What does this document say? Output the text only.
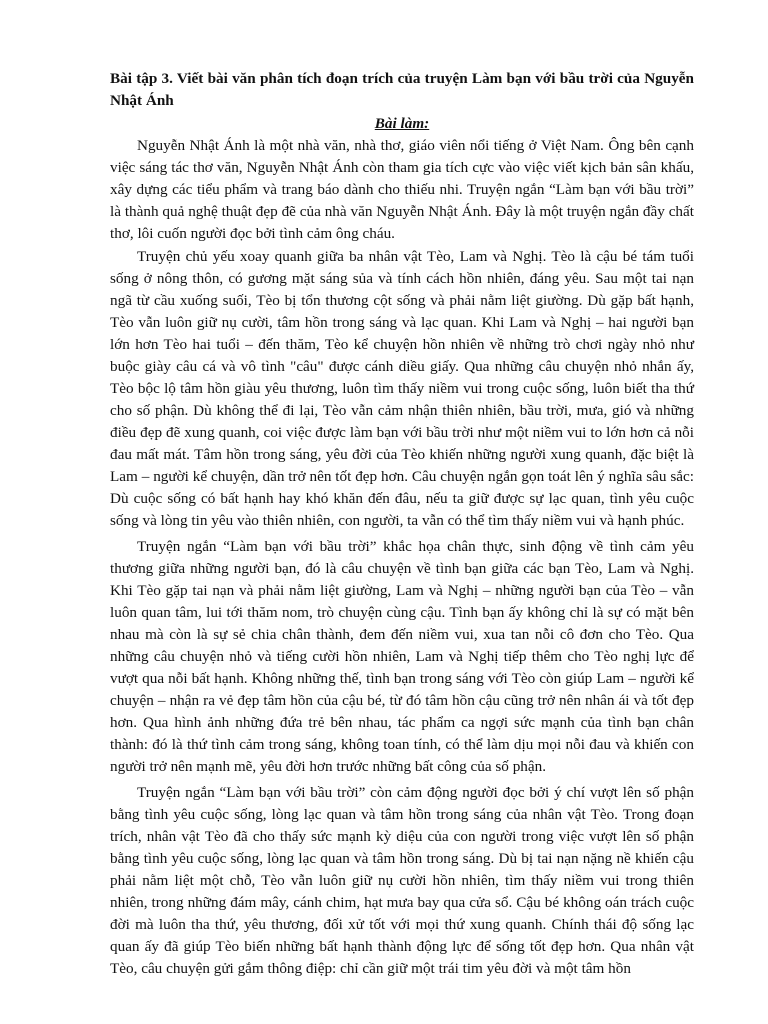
Bài tập 3. Viết bài văn phân tích đoạn trích của truyện Làm bạn với bầu trời của Nguyễn Nhật Ánh

Bài làm:

Nguyễn Nhật Ánh là một nhà văn, nhà thơ, giáo viên nổi tiếng ở Việt Nam. Ông bên cạnh việc sáng tác thơ văn, Nguyễn Nhật Ánh còn tham gia tích cực vào việc viết kịch bản sân khấu, xây dựng các tiểu phẩm và trang báo dành cho thiếu nhi. Truyện ngắn “Làm bạn với bầu trời” là thành quả nghệ thuật đẹp đẽ của nhà văn Nguyễn Nhật Ánh. Đây là một truyện ngắn đầy chất thơ, lôi cuốn người đọc bởi tình cảm ông cháu.

Truyện chủ yếu xoay quanh giữa ba nhân vật Tèo, Lam và Nghị. Tèo là cậu bé tám tuổi sống ở nông thôn, có gương mặt sáng sủa và tính cách hồn nhiên, đáng yêu. Sau một tai nạn ngã từ cầu xuống suối, Tèo bị tổn thương cột sống và phải nằm liệt giường. Dù gặp bất hạnh, Tèo vẫn luôn giữ nụ cười, tâm hồn trong sáng và lạc quan. Khi Lam và Nghị – hai người bạn lớn hơn Tèo hai tuổi – đến thăm, Tèo kể chuyện hồn nhiên về những trò chơi ngày nhỏ như buộc giày câu cá và vô tình "câu" được cánh diều giấy. Qua những câu chuyện nhỏ nhắn ấy, Tèo bộc lộ tâm hồn giàu yêu thương, luôn tìm thấy niềm vui trong cuộc sống, luôn biết tha thứ cho số phận. Dù không thể đi lại, Tèo vẫn cảm nhận thiên nhiên, bầu trời, mưa, gió và những điều đẹp đẽ xung quanh, coi việc được làm bạn với bầu trời như một niềm vui to lớn hơn cả nỗi đau mất mát. Tâm hồn trong sáng, yêu đời của Tèo khiến những người xung quanh, đặc biệt là Lam – người kể chuyện, dần trở nên tốt đẹp hơn. Câu chuyện ngắn gọn toát lên ý nghĩa sâu sắc: Dù cuộc sống có bất hạnh hay khó khăn đến đâu, nếu ta giữ được sự lạc quan, tình yêu cuộc sống và lòng tin yêu vào thiên nhiên, con người, ta vẫn có thể tìm thấy niềm vui và hạnh phúc.

Truyện ngắn “Làm bạn với bầu trời” khắc họa chân thực, sinh động về tình cảm yêu thương giữa những người bạn, đó là câu chuyện về tình bạn giữa các bạn Tèo, Lam và Nghị. Khi Tèo gặp tai nạn và phải nằm liệt giường, Lam và Nghị – những người bạn của Tèo – vẫn luôn quan tâm, lui tới thăm nom, trò chuyện cùng cậu. Tình bạn ấy không chỉ là sự có mặt bên nhau mà còn là sự sẻ chia chân thành, đem đến niềm vui, xua tan nỗi cô đơn cho Tèo. Qua những câu chuyện nhỏ và tiếng cười hồn nhiên, Lam và Nghị tiếp thêm cho Tèo nghị lực để vượt qua nỗi bất hạnh. Không những thế, tình bạn trong sáng với Tèo còn giúp Lam – người kể chuyện – nhận ra vẻ đẹp tâm hồn của cậu bé, từ đó tâm hồn cậu cũng trở nên nhân ái và tốt đẹp hơn. Qua hình ảnh những đứa trẻ bên nhau, tác phẩm ca ngợi sức mạnh của tình bạn chân thành: đó là thứ tình cảm trong sáng, không toan tính, có thể làm dịu mọi nỗi đau và khiến con người trở nên mạnh mẽ, yêu đời hơn trước những bất công của số phận.

Truyện ngắn “Làm bạn với bầu trời” còn cảm động người đọc bởi ý chí vượt lên số phận bằng tình yêu cuộc sống, lòng lạc quan và tâm hồn trong sáng của nhân vật Tèo. Trong đoạn trích, nhân vật Tèo đã cho thấy sức mạnh kỳ diệu của con người trong việc vượt lên số phận bằng tình yêu cuộc sống, lòng lạc quan và tâm hồn trong sáng. Dù bị tai nạn nặng nề khiến cậu phải nằm liệt một chỗ, Tèo vẫn luôn giữ nụ cười hồn nhiên, tìm thấy niềm vui trong thiên nhiên, trong những đám mây, cánh chim, hạt mưa bay qua cửa sổ. Cậu bé không oán trách cuộc đời mà luôn tha thứ, yêu thương, đối xử tốt với mọi thứ xung quanh. Chính thái độ sống lạc quan ấy đã giúp Tèo biến những bất hạnh thành động lực để sống tốt đẹp hơn. Qua nhân vật Tèo, câu chuyện gửi gắm thông điệp: chỉ cần giữ một trái tim yêu đời và một tâm hồn
